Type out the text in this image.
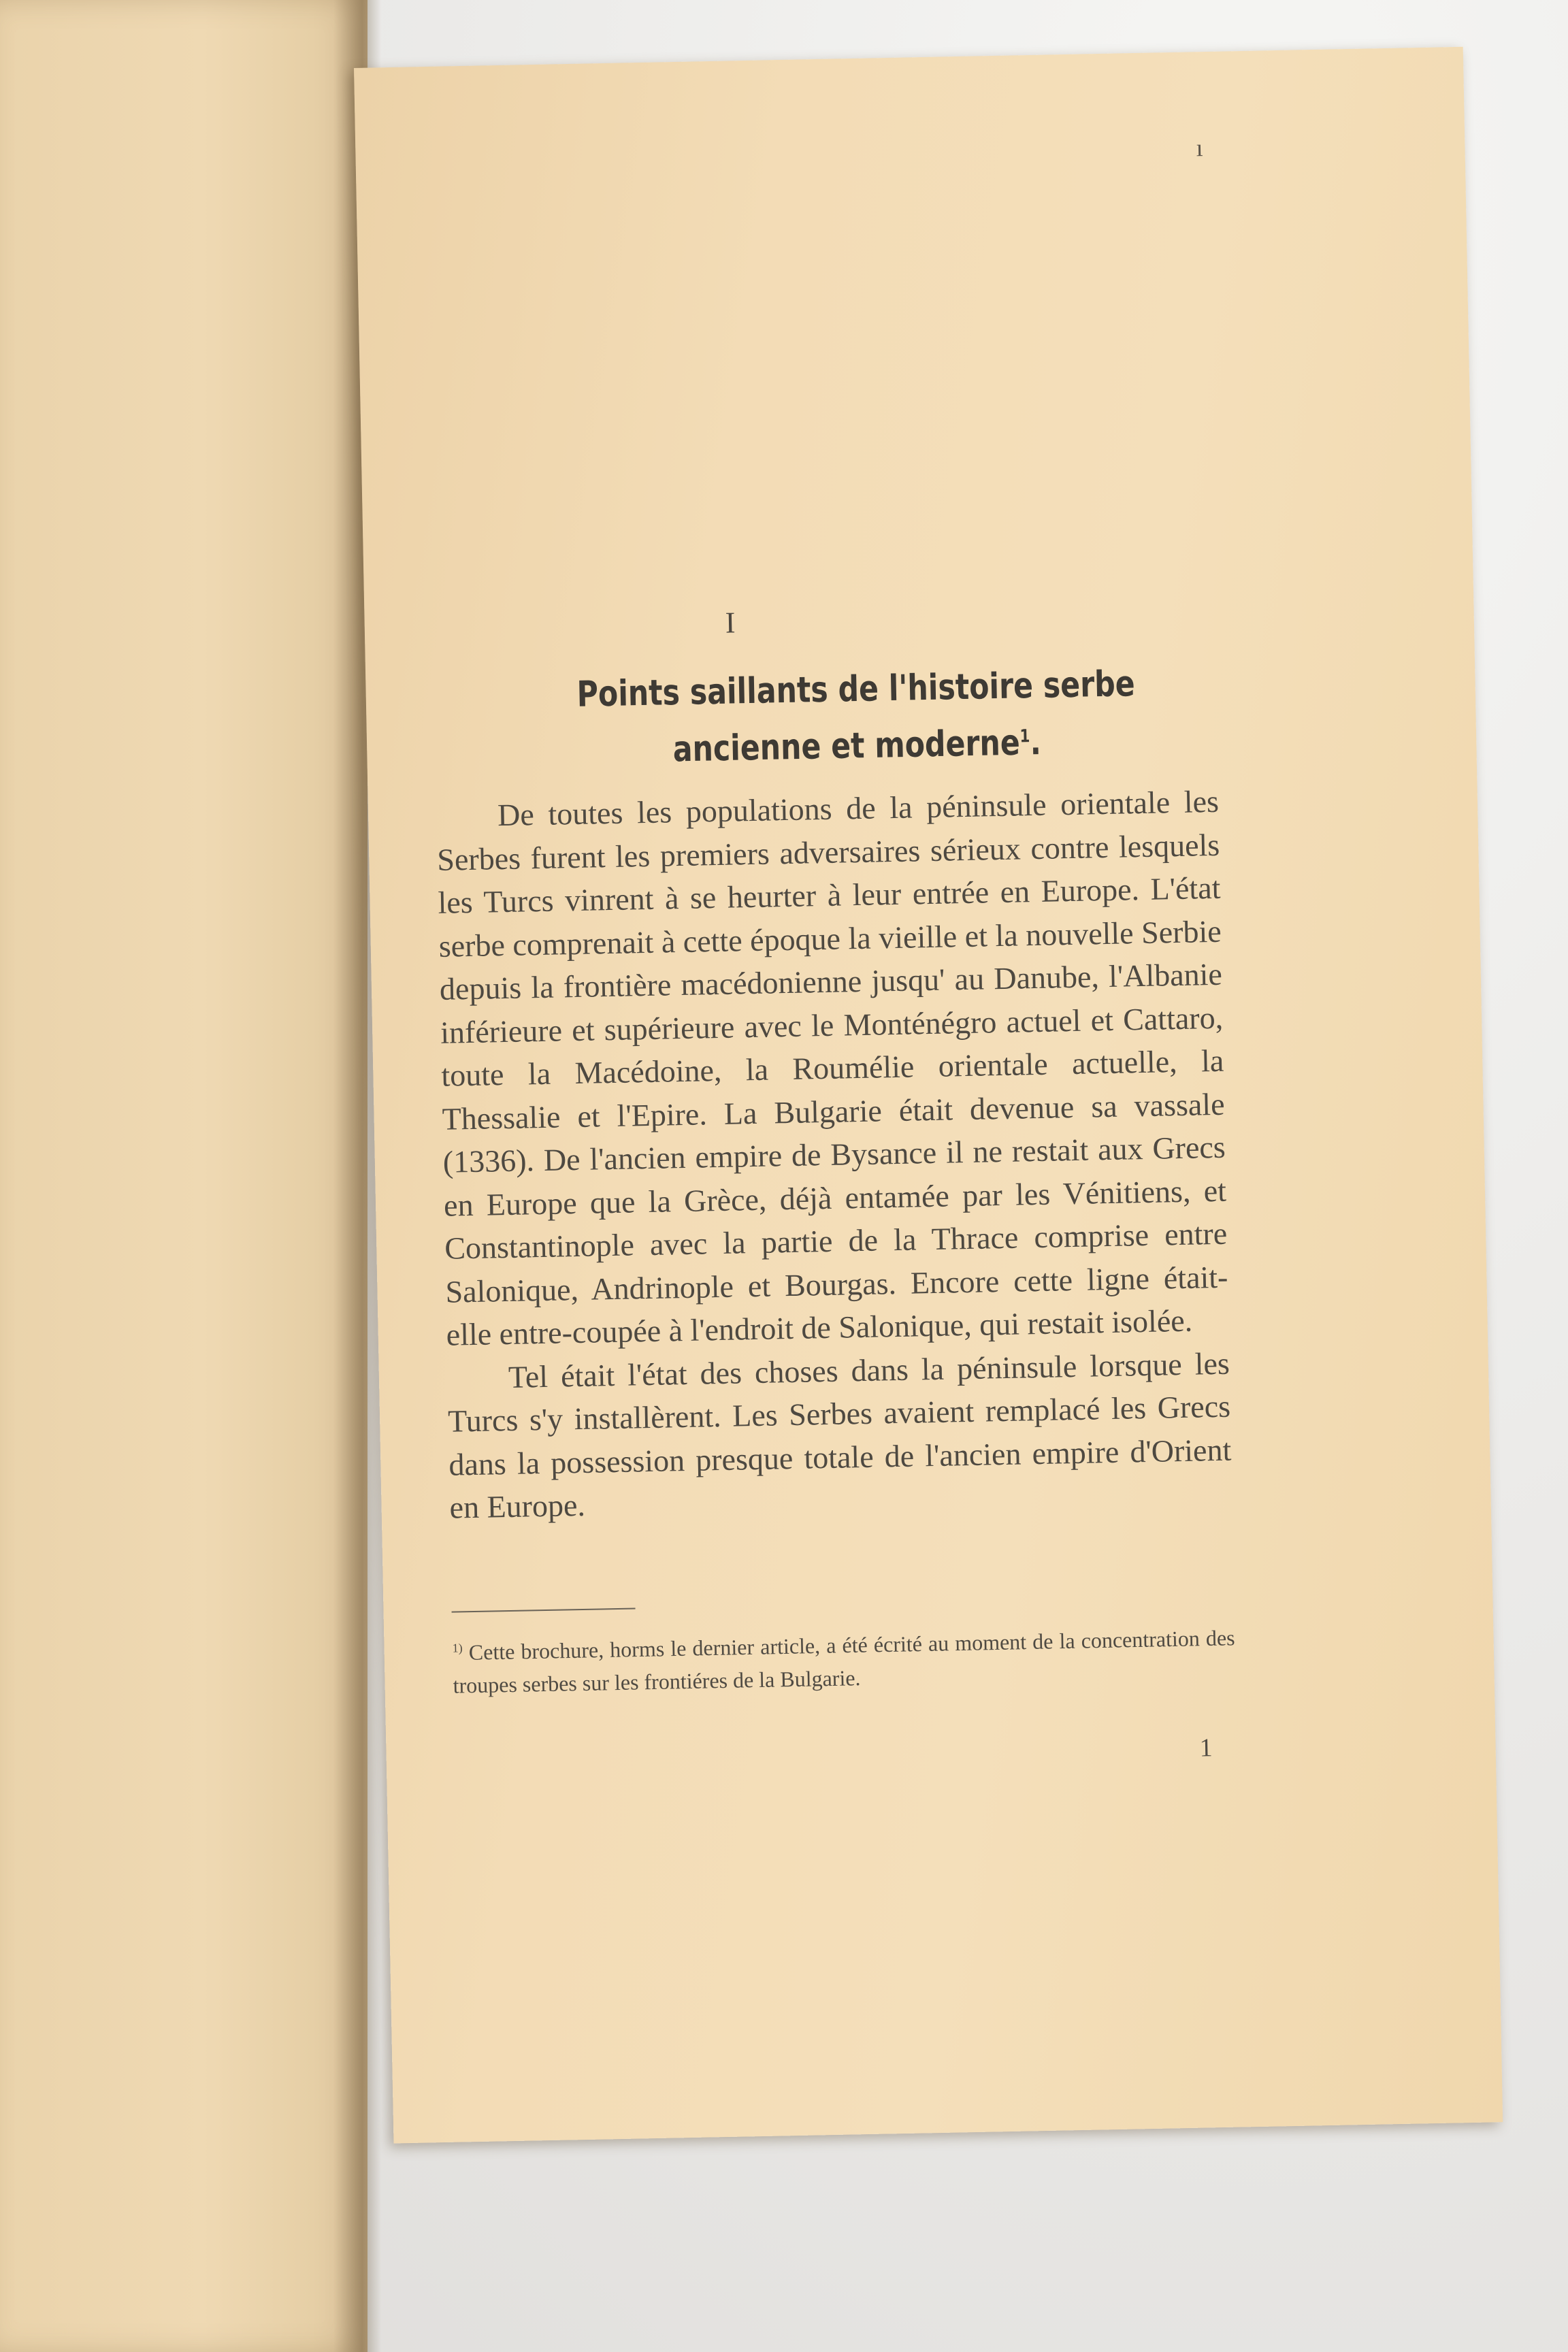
ı
I
Points saillants de l'histoire serbe ancienne et moderne$^1$.

De toutes les populations de la péninsule orientale les Serbes furent les premiers adversaires sérieux contre lesquels les Turcs vinrent à se heurter à leur entrée en Europe. L'état serbe comprenait à cette époque la vieille et la nouvelle Serbie depuis la frontière macédonienne jusqu' au Danube, l'Albanie inférieure et supérieure avec le Monténégro actuel et Cattaro, toute la Macédoine, la Roumélie orientale actuelle, la Thessalie et l'Epire. La Bulgarie était devenue sa vassale (1336). De l'ancien empire de Bysance il ne restait aux Grecs en Europe que la Grèce, déjà entamée par les Vénitiens, et Constantinople avec la partie de la Thrace comprise entre Salonique, Andrinople et Bourgas. Encore cette ligne était-elle entre-coupée à l'endroit de Salonique, qui restait isolée.

Tel était l'état des choses dans la péninsule lorsque les Turcs s'y installèrent. Les Serbes avaient remplacé les Grecs dans la possession presque totale de l'ancien empire d'Orient en Europe.

$^{1)}$ Cette brochure, horms le dernier article, a été écrité au moment de la concentration des troupes serbes sur les frontiéres de la Bulgarie.
1
